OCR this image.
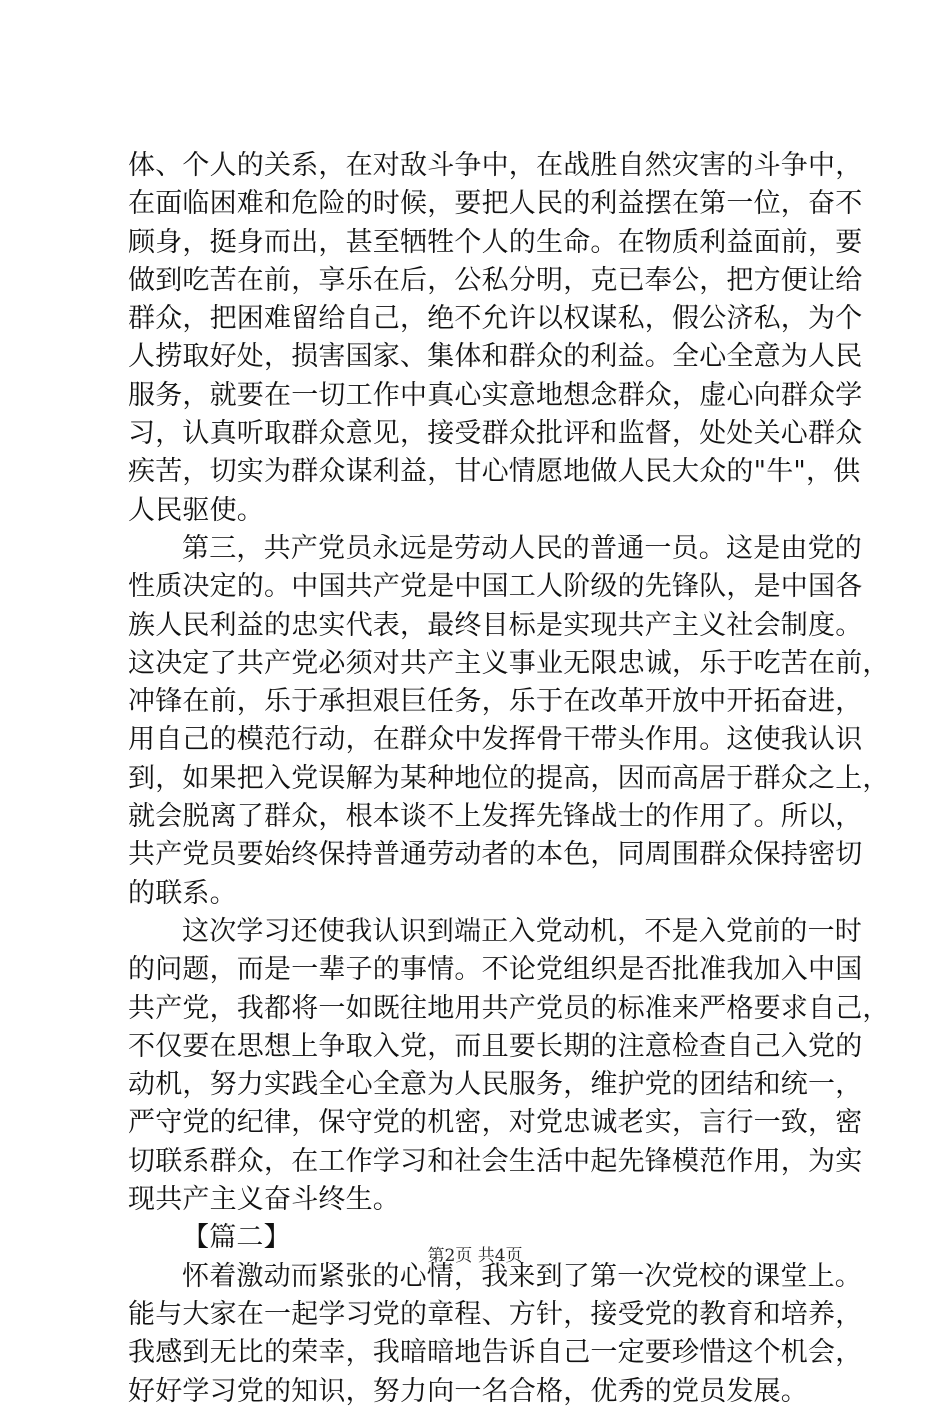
体、个人的关系，在对敌斗争中，在战胜自然灾害的斗争中，
在面临困难和危险的时候，要把人民的利益摆在第一位，奋不
顾身，挺身而出，甚至牺牲个人的生命。在物质利益面前，要
做到吃苦在前，享乐在后，公私分明，克已奉公，把方便让给
群众，把困难留给自己，绝不允许以权谋私，假公济私，为个
人捞取好处，损害国家、集体和群众的利益。全心全意为人民
服务，就要在一切工作中真心实意地想念群众，虚心向群众学
习，认真听取群众意见，接受群众批评和监督，处处关心群众
疾苦，切实为群众谋利益，甘心情愿地做人民大众的"牛"，供
人民驱使。
第三，共产党员永远是劳动人民的普通一员。这是由党的
性质决定的。中国共产党是中国工人阶级的先锋队，是中国各
族人民利益的忠实代表，最终目标是实现共产主义社会制度。
这决定了共产党必须对共产主义事业无限忠诚，乐于吃苦在前，
冲锋在前，乐于承担艰巨任务，乐于在改革开放中开拓奋进，
用自己的模范行动，在群众中发挥骨干带头作用。这使我认识
到，如果把入党误解为某种地位的提高，因而高居于群众之上，
就会脱离了群众，根本谈不上发挥先锋战士的作用了。所以，
共产党员要始终保持普通劳动者的本色，同周围群众保持密切
的联系。
这次学习还使我认识到端正入党动机，不是入党前的一时
的问题，而是一辈子的事情。不论党组织是否批准我加入中国
共产党，我都将一如既往地用共产党员的标准来严格要求自己，
不仅要在思想上争取入党，而且要长期的注意检查自己入党的
动机，努力实践全心全意为人民服务，维护党的团结和统一，
严守党的纪律，保守党的机密，对党忠诚老实，言行一致，密
切联系群众，在工作学习和社会生活中起先锋模范作用，为实
现共产主义奋斗终生。
【篇二】
怀着激动而紧张的心情，我来到了第一次党校的课堂上。
能与大家在一起学习党的章程、方针，接受党的教育和培养，
我感到无比的荣幸，我暗暗地告诉自己一定要珍惜这个机会，
好好学习党的知识，努力向一名合格，优秀的党员发展。
第2页 共4页
